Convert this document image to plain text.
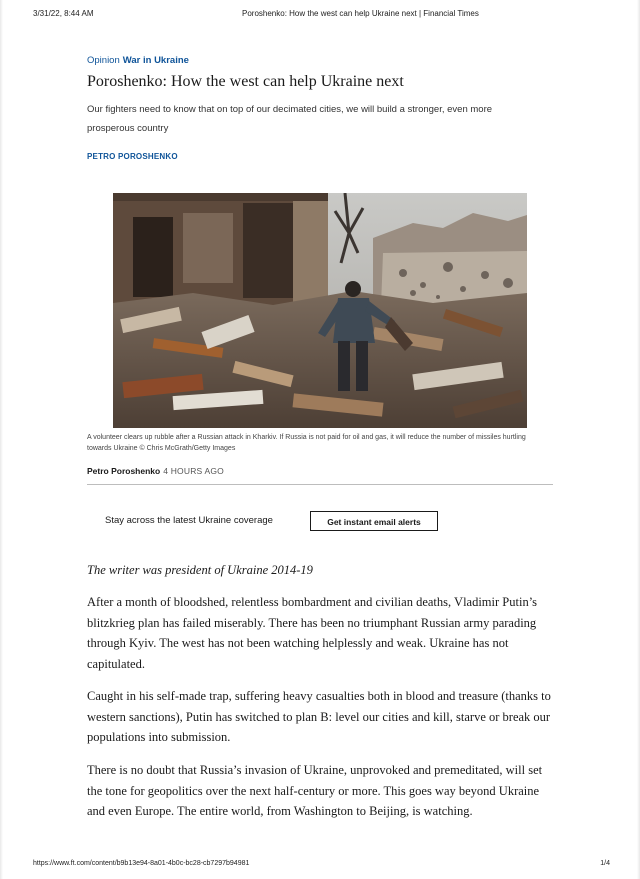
3/31/22, 8:44 AM	Poroshenko: How the west can help Ukraine next | Financial Times
Opinion War in Ukraine
Poroshenko: How the west can help Ukraine next
Our fighters need to know that on top of our decimated cities, we will build a stronger, even more prosperous country
PETRO POROSHENKO
A volunteer clears up rubble after a Russian attack in Kharkiv. If Russia is not paid for oil and gas, it will reduce the number of missiles hurtling towards Ukraine © Chris McGrath/Getty Images
Petro Poroshenko 4 HOURS AGO
Stay across the latest Ukraine coverage	Get instant email alerts

The writer was president of Ukraine 2014-19

After a month of bloodshed, relentless bombardment and civilian deaths, Vladimir Putin’s blitzkrieg plan has failed miserably. There has been no triumphant Russian army parading through Kyiv. The west has not been watching helplessly and weak. Ukraine has not capitulated.

Caught in his self-made trap, suffering heavy casualties both in blood and treasure (thanks to western sanctions), Putin has switched to plan B: level our cities and kill, starve or break our populations into submission.

There is no doubt that Russia’s invasion of Ukraine, unprovoked and premeditated, will set the tone for geopolitics over the next half-century or more. This goes way beyond Ukraine and even Europe. The entire world, from Washington to Beijing, is watching.

https://www.ft.com/content/b9b13e94-8a01-4b0c-bc28-cb7297b94981	1/4
